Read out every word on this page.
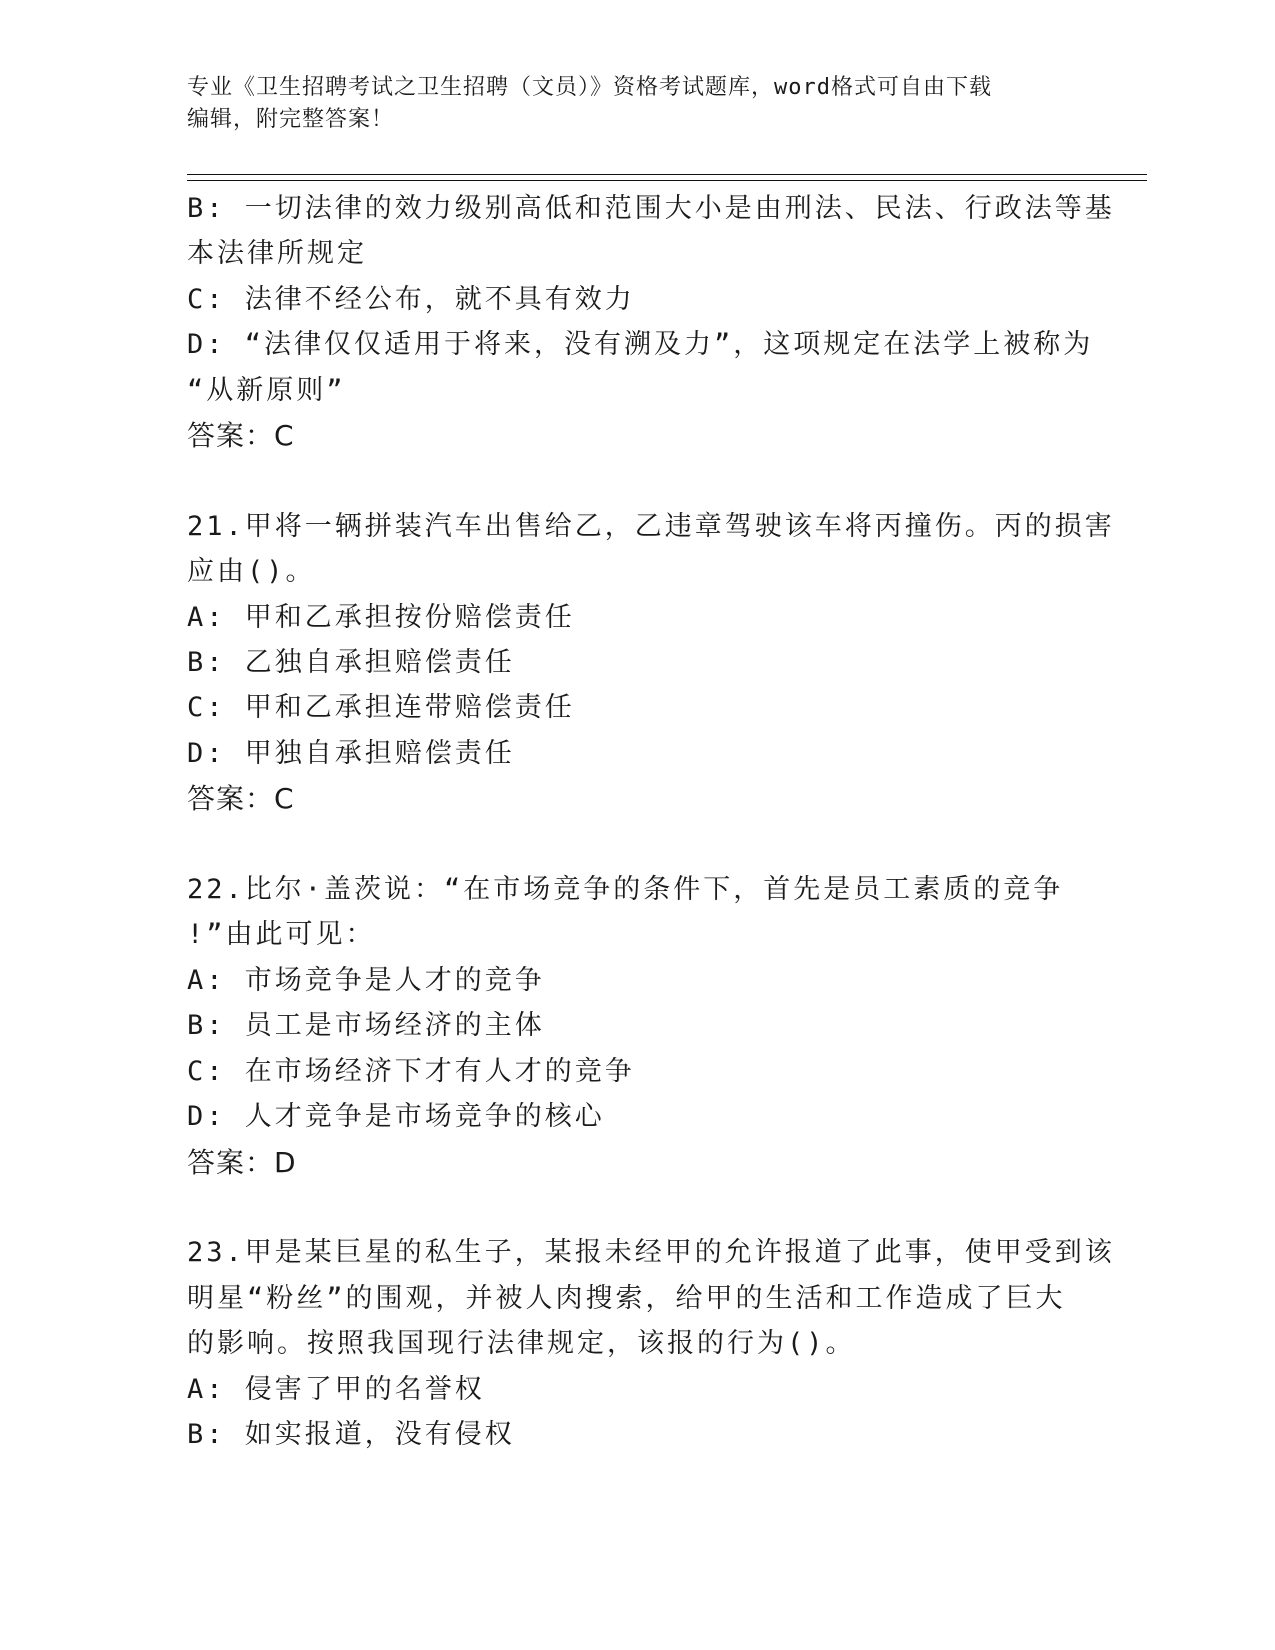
专业《卫生招聘考试之卫生招聘（文员）》资格考试题库，word格式可自由下载
编辑，附完整答案！
B: 一切法律的效力级别高低和范围大小是由刑法、民法、行政法等基
本法律所规定
C: 法律不经公布，就不具有效力
D: “法律仅仅适用于将来，没有溯及力”，这项规定在法学上被称为
“从新原则”
答案：C
21.甲将一辆拼装汽车出售给乙，乙违章驾驶该车将丙撞伤。丙的损害
应由()。
A: 甲和乙承担按份赔偿责任
B: 乙独自承担赔偿责任
C: 甲和乙承担连带赔偿责任
D: 甲独自承担赔偿责任
答案：C
22.比尔·盖茨说：“在市场竞争的条件下，首先是员工素质的竞争
!”由此可见：
A: 市场竞争是人才的竞争
B: 员工是市场经济的主体
C: 在市场经济下才有人才的竞争
D: 人才竞争是市场竞争的核心
答案：D
23.甲是某巨星的私生子，某报未经甲的允许报道了此事，使甲受到该
明星“粉丝”的围观，并被人肉搜索，给甲的生活和工作造成了巨大
的影响。按照我国现行法律规定，该报的行为()。
A: 侵害了甲的名誉权
B: 如实报道，没有侵权
